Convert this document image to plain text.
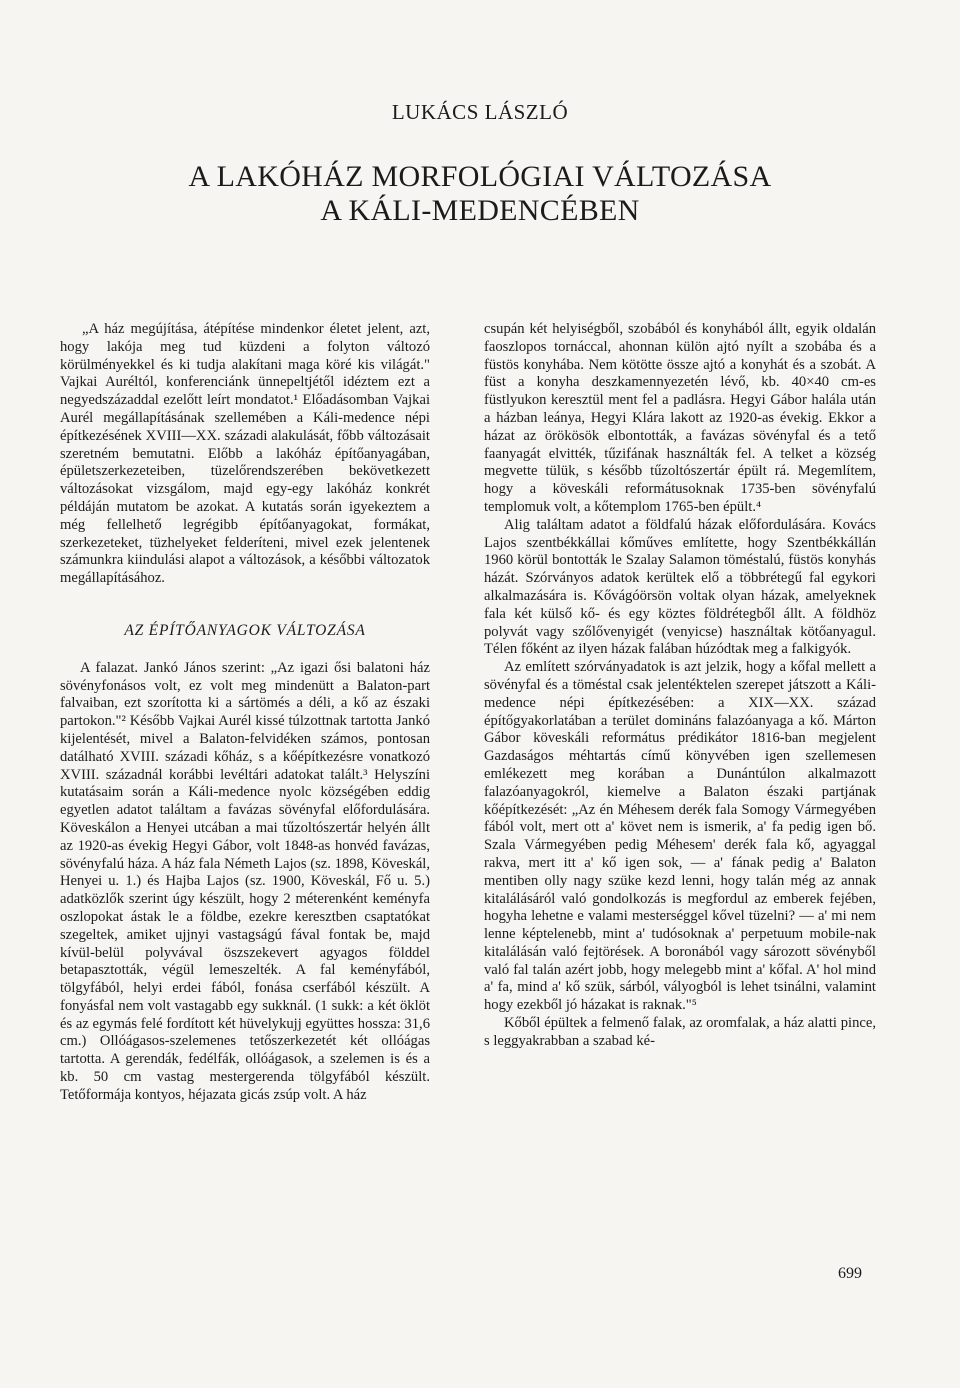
LUKÁCS LÁSZLÓ
A LAKÓHÁZ MORFOLÓGIAI VÁLTOZÁSA
A KÁLI-MEDENCÉBEN

„A ház megújítása, átépítése mindenkor életet jelent, azt, hogy lakója meg tud küzdeni a folyton változó körülményekkel és ki tudja alakítani maga köré kis világát." Vajkai Auréltól, konferenciánk ünnepeltjétől idéztem ezt a negyedszázaddal ezelőtt leírt mondatot.¹ Előadásomban Vajkai Aurél megállapításának szellemében a Káli-medence népi építkezésének XVIII—XX. századi alakulását, főbb változásait szeretném bemutatni. Előbb a lakóház építőanyagában, épületszerkezeteiben, tüzelőrendszerében bekövetkezett változásokat vizsgálom, majd egy-egy lakóház konkrét példáján mutatom be azokat. A kutatás során igyekeztem a még fellelhető legrégibb építőanyagokat, formákat, szerkezeteket, tüzhelyeket felderíteni, mivel ezek jelentenek számunkra kiindulási alapot a változások, a későbbi változatok megállapításához.

AZ ÉPÍTŐANYAGOK VÁLTOZÁSA

A falazat. Jankó János szerint: „Az igazi ősi balatoni ház sövényfonásos volt, ez volt meg mindenütt a Balaton-part falvaiban, ezt szorította ki a sártömés a déli, a kő az északi partokon."² Később Vajkai Aurél kissé túlzottnak tartotta Jankó kijelentését, mivel a Balaton-felvidéken számos, pontosan datálható XVIII. századi kőház, s a kőépítkezésre vonatkozó XVIII. századnál korábbi levéltári adatokat talált.³ Helyszíni kutatásaim során a Káli-medence nyolc községében eddig egyetlen adatot találtam a favázas sövényfal előfordulására. Köveskálon a Henyei utcában a mai tűzoltószertár helyén állt az 1920-as évekig Hegyi Gábor, volt 1848-as honvéd favázas, sövényfalú háza. A ház fala Németh Lajos (sz. 1898, Köveskál, Henyei u. 1.) és Hajba Lajos (sz. 1900, Köveskál, Fő u. 5.) adatközlők szerint úgy készült, hogy 2 méterenként keményfa oszlopokat ástak le a földbe, ezekre keresztben csaptatókat szegeltek, amiket ujjnyi vastagságú fával fontak be, majd kívül-belül polyvával öszszekevert agyagos földdel betapasztották, végül lemeszelték. A fal keményfából, tölgyfából, helyi erdei fából, fonása cserfából készült. A fonyásfal nem volt vastagabb egy sukknál. (1 sukk: a két öklöt és az egymás felé fordított két hüvelykujj együttes hossza: 31,6 cm.) Ollóágasos-szelemenes tetőszerkezetét két ollóágas tartotta. A gerendák, fedélfák, ollóágasok, a szelemen is és a kb. 50 cm vastag mestergerenda tölgyfából készült. Tetőformája kontyos, héjazata gicás zsúp volt. A ház

csupán két helyiségből, szobából és konyhából állt, egyik oldalán faoszlopos tornáccal, ahonnan külön ajtó nyílt a szobába és a füstös konyhába. Nem kötötte össze ajtó a konyhát és a szobát. A füst a konyha deszkamennyezetén lévő, kb. 40×40 cm-es füstlyukon keresztül ment fel a padlásra. Hegyi Gábor halála után a házban leánya, Hegyi Klára lakott az 1920-as évekig. Ekkor a házat az örökösök elbontották, a favázas sövényfal és a tető faanyagát elvitték, tűzifának használták fel. A telket a község megvette tülük, s később tűzoltószertár épült rá. Megemlítem, hogy a köveskáli reformátusoknak 1735-ben sövényfalú templomuk volt, a kőtemplom 1765-ben épült.⁴

Alig találtam adatot a földfalú házak előfordulására. Kovács Lajos szentbékkállai kőműves említette, hogy Szentbékkállán 1960 körül bontották le Szalay Salamon töméstalú, füstös konyhás házát. Szórványos adatok kerültek elő a többrétegű fal egykori alkalmazására is. Kővágóörsön voltak olyan házak, amelyeknek fala két külső kő- és egy köztes földrétegből állt. A földhöz polyvát vagy szőlővenyigét (venyicse) használtak kötőanyagul. Télen főként az ilyen házak falában húzódtak meg a falkigyók.

Az említett szórványadatok is azt jelzik, hogy a kőfal mellett a sövényfal és a töméstal csak jelentéktelen szerepet játszott a Káli-medence népi építkezésében: a XIX—XX. század építőgyakorlatában a terület domináns falazóanyaga a kő. Márton Gábor köveskáli református prédikátor 1816-ban megjelent Gazdaságos méhtartás című könyvében igen szellemesen emlékezett meg korában a Dunántúlon alkalmazott falazóanyagokról, kiemelve a Balaton északi partjának kőépítkezését: „Az én Méhesem derék fala Somogy Vármegyében fából volt, mert ott a' követ nem is ismerik, a' fa pedig igen bő. Szala Vármegyében pedig Méhesem' derék fala kő, agyaggal rakva, mert itt a' kő igen sok, — a' fának pedig a' Balaton mentiben olly nagy szüke kezd lenni, hogy talán még az annak kitalálásáról való gondolkozás is megfordul az emberek fejében, hogyha lehetne e valami mesterséggel kővel tüzelni? — a' mi nem lenne képtelenebb, mint a' tudósoknak a' perpetuum mobile-nak kitalálásán való fejtörések. A boronából vagy sározott sövényből való fal talán azért jobb, hogy melegebb mint a' kőfal. A' hol mind a' fa, mind a' kő szük, sárból, vályogból is lehet tsinálni, valamint hogy ezekből jó házakat is raknak."⁵

Kőből épültek a felmenő falak, az oromfalak, a ház alatti pince, s leggyakrabban a szabad ké-

699
